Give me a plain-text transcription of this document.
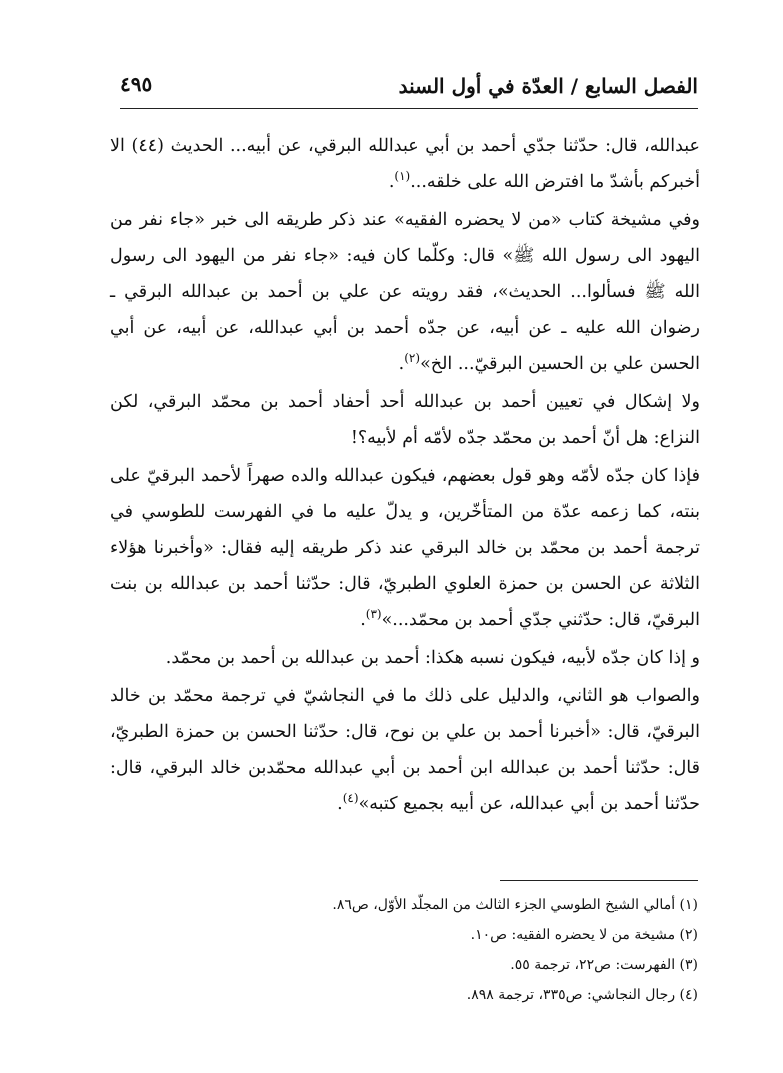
الفصل السابع / العدّة في أول السند
٤٩٥

عبدالله، قال: حدّثنا جدّي أحمد بن أبي عبدالله البرقي، عن أبيه... الحديث (٤٤) الا أخبركم بأشدّ ما افترض الله على خلقه...$^{(١)}$.

وفي مشيخة كتاب «من لا يحضره الفقيه» عند ذكر طريقه الى خبر «جاء نفر من اليهود الى رسول الله ﷺ» قال: وكلّما كان فيه: «جاء نفر من اليهود الى رسول الله ﷺ فسألوا... الحديث»، فقد رويته عن علي بن أحمد بن عبدالله البرقي ـ رضوان الله عليه ـ عن أبيه، عن جدّه أحمد بن أبي عبدالله، عن أبيه، عن أبي الحسن علي بن الحسين البرقيّ... الخ»$^{(٢)}$.

ولا إشكال في تعيين أحمد بن عبدالله أحد أحفاد أحمد بن محمّد البرقي، لكن النزاع: هل أنّ أحمد بن محمّد جدّه لأمّه أم لأبيه؟!

فإذا كان جدّه لأمّه وهو قول بعضهم، فيكون عبدالله والده صهراً لأحمد البرقيّ على بنته، كما زعمه عدّة من المتأخّرين، و يدلّ عليه ما في الفهرست للطوسي في ترجمة أحمد بن محمّد بن خالد البرقي عند ذكر طريقه إليه فقال: «وأخبرنا هؤلاء الثلاثة عن الحسن بن حمزة العلوي الطبريّ، قال: حدّثنا أحمد بن عبدالله بن بنت البرقيّ، قال: حدّثني جدّي أحمد بن محمّد...»$^{(٣)}$.

و إذا كان جدّه لأبيه، فيكون نسبه هكذا: أحمد بن عبدالله بن أحمد بن محمّد.

والصواب هو الثاني، والدليل على ذلك ما في النجاشيّ في ترجمة محمّد بن خالد البرقيّ، قال: «أخبرنا أحمد بن علي بن نوح، قال: حدّثنا الحسن بن حمزة الطبريّ، قال: حدّثنا أحمد بن عبدالله ابن أحمد بن أبي عبدالله محمّدبن خالد البرقي، قال: حدّثنا أحمد بن أبي عبدالله، عن أبيه بجميع كتبه»$^{(٤)}$.

(١) أمالي الشيخ الطوسي الجزء الثالث من المجلّد الأوّل، ص٨٦.
(٢) مشيخة من لا يحضره الفقيه: ص١٠.
(٣) الفهرست: ص٢٢، ترجمة ٥٥.
(٤) رجال النجاشي: ص٣٣٥، ترجمة ٨٩٨.
